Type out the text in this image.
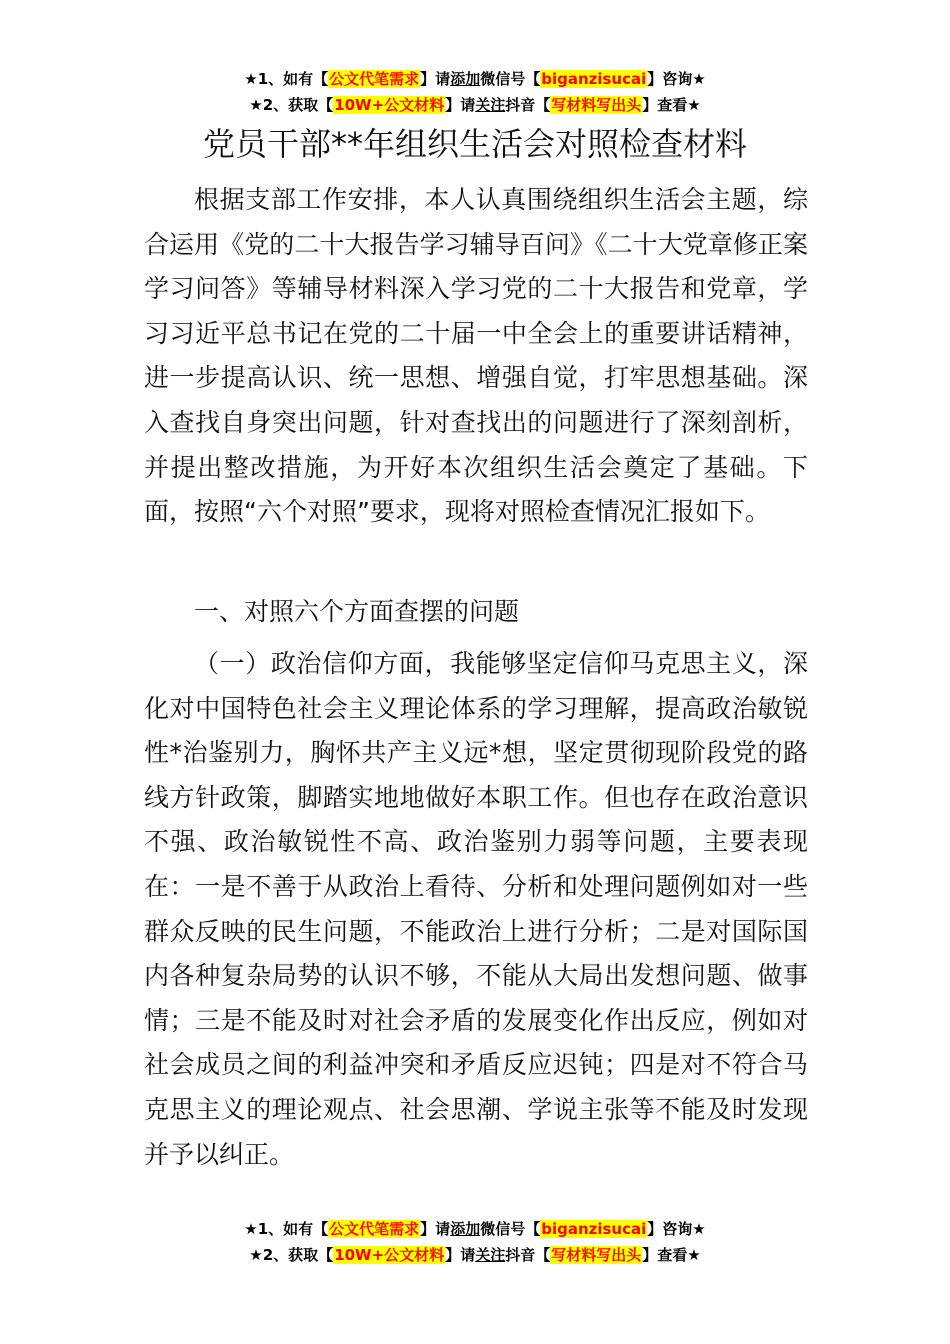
★1、如有【公文代笔需求】请添加微信号【biganzisucai】咨询★
★2、获取【10W+公文材料】请关注抖音【写材料写出头】查看★
党员干部**年组织生活会对照检查材料

根据支部工作安排，本人认真围绕组织生活会主题，综合运用《党的二十大报告学习辅导百问》《二十大党章修正案学习问答》等辅导材料深入学习党的二十大报告和党章，学习习近平总书记在党的二十届一中全会上的重要讲话精神，进一步提高认识、统一思想、增强自觉，打牢思想基础。深入查找自身突出问题，针对查找出的问题进行了深刻剖析，并提出整改措施，为开好本次组织生活会奠定了基础。下面，按照“六个对照”要求，现将对照检查情况汇报如下。

一、对照六个方面查摆的问题

（一）政治信仰方面，我能够坚定信仰马克思主义，深化对中国特色社会主义理论体系的学习理解，提高政治敏锐性*治鉴别力，胸怀共产主义远*想，坚定贯彻现阶段党的路线方针政策，脚踏实地地做好本职工作。但也存在政治意识不强、政治敏锐性不高、政治鉴别力弱等问题，主要表现在：一是不善于从政治上看待、分析和处理问题例如对一些群众反映的民生问题，不能政治上进行分析；二是对国际国内各种复杂局势的认识不够，不能从大局出发想问题、做事情；三是不能及时对社会矛盾的发展变化作出反应，例如对社会成员之间的利益冲突和矛盾反应迟钝；四是对不符合马克思主义的理论观点、社会思潮、学说主张等不能及时发现并予以纠正。

★1、如有【公文代笔需求】请添加微信号【biganzisucai】咨询★
★2、获取【10W+公文材料】请关注抖音【写材料写出头】查看★
